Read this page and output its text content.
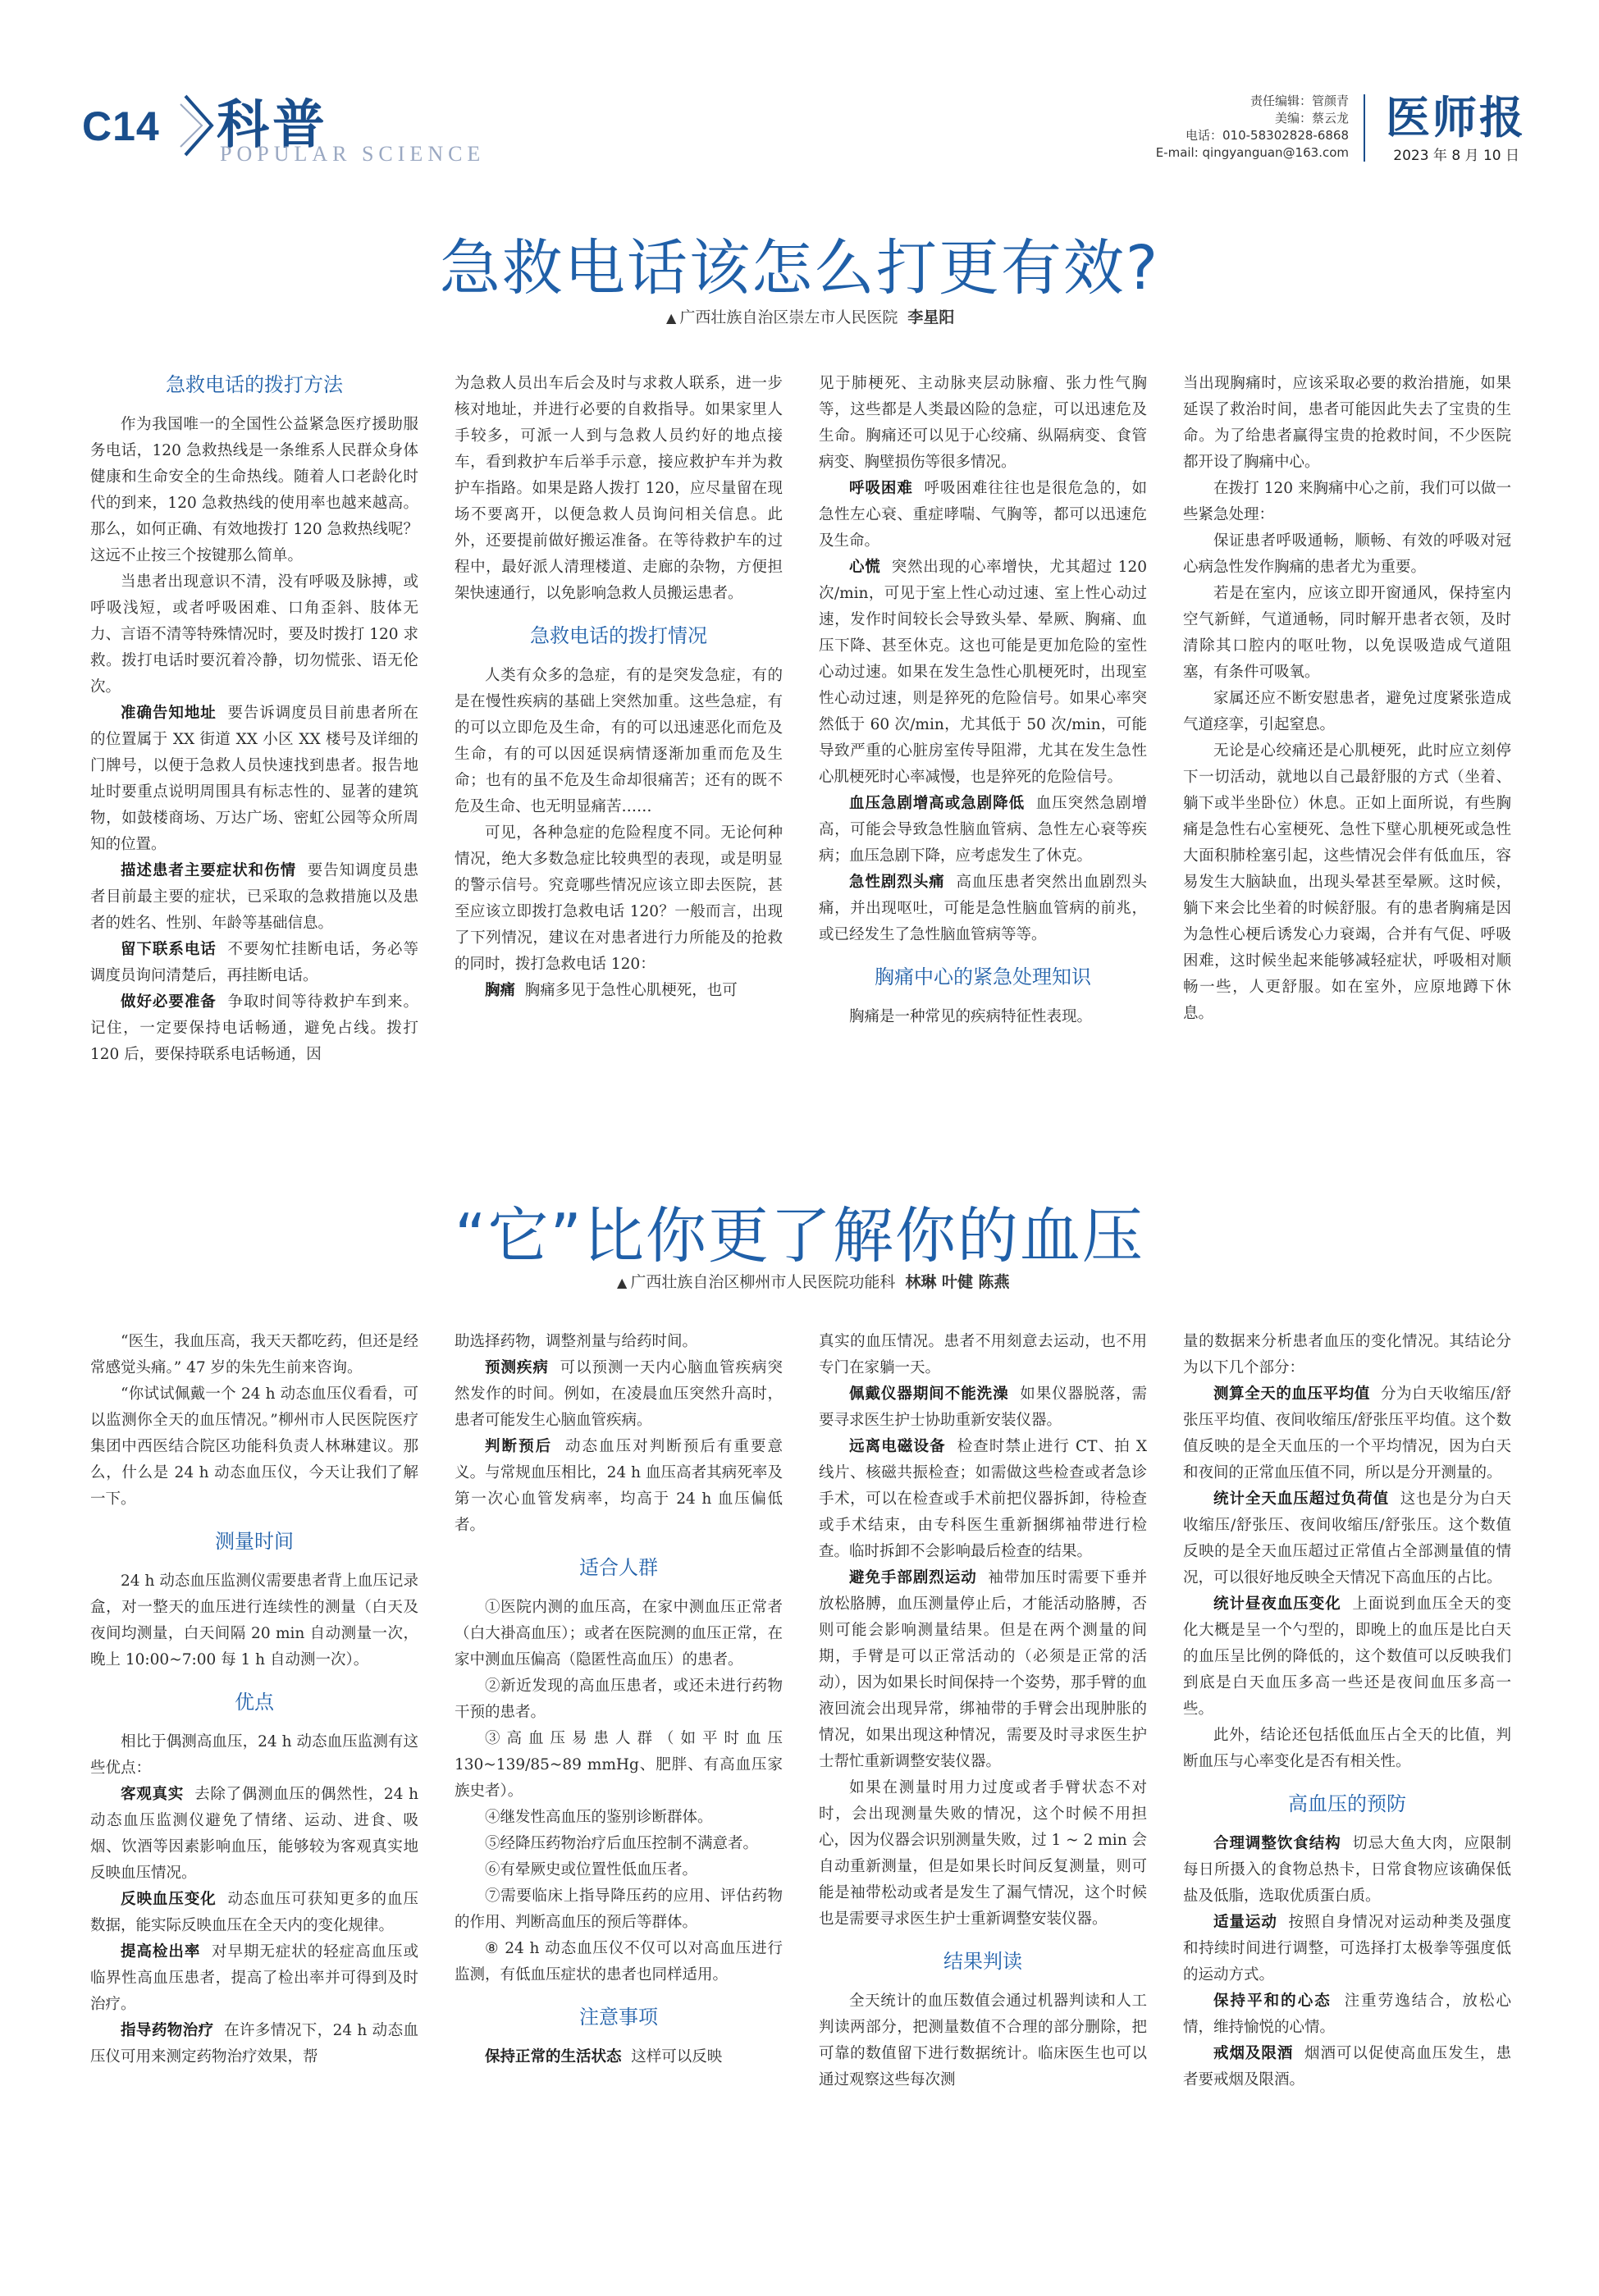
C14 科普
POPULAR SCIENCE
责任编辑：管颜青
美编：蔡云龙
电话：010-58302828-6868
E-mail: qingyanguan@163.com
医师报
2023 年 8 月 10 日
急救电话该怎么打更有效?
▲ 广西壮族自治区崇左市人民医院 李星阳
急救电话的拨打方法

作为我国唯一的全国性公益紧急医疗援助服务电话，120 急救热线是一条维系人民群众身体健康和生命安全的生命热线。随着人口老龄化时代的到来，120 急救热线的使用率也越来越高。那么，如何正确、有效地拨打 120 急救热线呢？这远不止按三个按键那么简单。

当患者出现意识不清，没有呼吸及脉搏，或呼吸浅短，或者呼吸困难、口角歪斜、肢体无力、言语不清等特殊情况时，要及时拨打 120 求救。拨打电话时要沉着冷静，切勿慌张、语无伦次。

准确告知地址 要告诉调度员目前患者所在的位置属于 XX 街道 XX 小区 XX 楼号及详细的门牌号，以便于急救人员快速找到患者。报告地址时要重点说明周围具有标志性的、显著的建筑物，如鼓楼商场、万达广场、密虹公园等众所周知的位置。

描述患者主要症状和伤情 要告知调度员患者目前最主要的症状，已采取的急救措施以及患者的姓名、性别、年龄等基础信息。

留下联系电话 不要匆忙挂断电话，务必等调度员询问清楚后，再挂断电话。

做好必要准备 争取时间等待救护车到来。记住，一定要保持电话畅通，避免占线。拨打 120 后，要保持联系电话畅通，因

为急救人员出车后会及时与求救人联系，进一步核对地址，并进行必要的自救指导。如果家里人手较多，可派一人到与急救人员约好的地点接车，看到救护车后举手示意，接应救护车并为救护车指路。如果是路人拨打 120，应尽量留在现场不要离开，以便急救人员询问相关信息。此外，还要提前做好搬运准备。在等待救护车的过程中，最好派人清理楼道、走廊的杂物，方便担架快速通行，以免影响急救人员搬运患者。

急救电话的拨打情况

人类有众多的急症，有的是突发急症，有的是在慢性疾病的基础上突然加重。这些急症，有的可以立即危及生命，有的可以迅速恶化而危及生命，有的可以因延误病情逐渐加重而危及生命；也有的虽不危及生命却很痛苦；还有的既不危及生命、也无明显痛苦……

可见，各种急症的危险程度不同。无论何种情况，绝大多数急症比较典型的表现，或是明显的警示信号。究竟哪些情况应该立即去医院，甚至应该立即拨打急救电话 120？一般而言，出现了下列情况，建议在对患者进行力所能及的抢救的同时，拨打急救电话 120：

胸痛 胸痛多见于急性心肌梗死，也可

见于肺梗死、主动脉夹层动脉瘤、张力性气胸等，这些都是人类最凶险的急症，可以迅速危及生命。胸痛还可以见于心绞痛、纵隔病变、食管病变、胸壁损伤等很多情况。

呼吸困难 呼吸困难往往也是很危急的，如急性左心衰、重症哮喘、气胸等，都可以迅速危及生命。

心慌 突然出现的心率增快，尤其超过 120 次/min，可见于室上性心动过速、室上性心动过速，发作时间较长会导致头晕、晕厥、胸痛、血压下降、甚至休克。这也可能是更加危险的室性心动过速。如果在发生急性心肌梗死时，出现室性心动过速，则是猝死的危险信号。如果心率突然低于 60 次/min，尤其低于 50 次/min，可能导致严重的心脏房室传导阻滞，尤其在发生急性心肌梗死时心率减慢，也是猝死的危险信号。

血压急剧增高或急剧降低 血压突然急剧增高，可能会导致急性脑血管病、急性左心衰等疾病；血压急剧下降，应考虑发生了休克。

急性剧烈头痛 高血压患者突然出血剧烈头痛，并出现呕吐，可能是急性脑血管病的前兆，或已经发生了急性脑血管病等等。

胸痛中心的紧急处理知识

胸痛是一种常见的疾病特征性表现。

当出现胸痛时，应该采取必要的救治措施，如果延误了救治时间，患者可能因此失去了宝贵的生命。为了给患者赢得宝贵的抢救时间，不少医院都开设了胸痛中心。

在拨打 120 来胸痛中心之前，我们可以做一些紧急处理：

保证患者呼吸通畅，顺畅、有效的呼吸对冠心病急性发作胸痛的患者尤为重要。

若是在室内，应该立即开窗通风，保持室内空气新鲜，气道通畅，同时解开患者衣领，及时清除其口腔内的呕吐物，以免误吸造成气道阻塞，有条件可吸氧。

家属还应不断安慰患者，避免过度紧张造成气道痉挛，引起窒息。

无论是心绞痛还是心肌梗死，此时应立刻停下一切活动，就地以自己最舒服的方式（坐着、躺下或半坐卧位）休息。正如上面所说，有些胸痛是急性右心室梗死、急性下壁心肌梗死或急性大面积肺栓塞引起，这些情况会伴有低血压，容易发生大脑缺血，出现头晕甚至晕厥。这时候，躺下来会比坐着的时候舒服。有的患者胸痛是因为急性心梗后诱发心力衰竭，合并有气促、呼吸困难，这时候坐起来能够减轻症状，呼吸相对顺畅一些，人更舒服。如在室外，应原地蹲下休息。

“它”比你更了解你的血压
▲ 广西壮族自治区柳州市人民医院功能科 林琳 叶健 陈燕

“医生，我血压高，我天天都吃药，但还是经常感觉头痛。” 47 岁的朱先生前来咨询。

“你试试佩戴一个 24 h 动态血压仪看看，可以监测你全天的血压情况。”柳州市人民医院医疗集团中西医结合院区功能科负责人林琳建议。那么，什么是 24 h 动态血压仪，今天让我们了解一下。

测量时间

24 h 动态血压监测仪需要患者背上血压记录盒，对一整天的血压进行连续性的测量（白天及夜间均测量，白天间隔 20 min 自动测量一次，晚上 10:00~7:00 每 1 h 自动测一次）。

优点

相比于偶测高血压，24 h 动态血压监测有这些优点：

客观真实 去除了偶测血压的偶然性，24 h 动态血压监测仪避免了情绪、运动、进食、吸烟、饮酒等因素影响血压，能够较为客观真实地反映血压情况。

反映血压变化 动态血压可获知更多的血压数据，能实际反映血压在全天内的变化规律。

提高检出率 对早期无症状的轻症高血压或临界性高血压患者，提高了检出率并可得到及时治疗。

指导药物治疗 在许多情况下，24 h 动态血压仪可用来测定药物治疗效果，帮

助选择药物，调整剂量与给药时间。

预测疾病 可以预测一天内心脑血管疾病突然发作的时间。例如，在凌晨血压突然升高时，患者可能发生心脑血管疾病。

判断预后 动态血压对判断预后有重要意义。与常规血压相比，24 h 血压高者其病死率及第一次心血管发病率，均高于 24 h 血压偏低者。

适合人群

①医院内测的血压高，在家中测血压正常者（白大褂高血压）；或者在医院测的血压正常，在家中测血压偏高（隐匿性高血压）的患者。

②新近发现的高血压患者，或还未进行药物干预的患者。

③高血压易患人群（如平时血压 130~139/85~89 mmHg、肥胖、有高血压家族史者）。

④继发性高血压的鉴别诊断群体。

⑤经降压药物治疗后血压控制不满意者。

⑥有晕厥史或位置性低血压者。

⑦需要临床上指导降压药的应用、评估药物的作用、判断高血压的预后等群体。

⑧ 24 h 动态血压仪不仅可以对高血压进行监测，有低血压症状的患者也同样适用。

注意事项

保持正常的生活状态 这样可以反映

真实的血压情况。患者不用刻意去运动，也不用专门在家躺一天。

佩戴仪器期间不能洗澡 如果仪器脱落，需要寻求医生护士协助重新安装仪器。

远离电磁设备 检查时禁止进行 CT、拍 X 线片、核磁共振检查；如需做这些检查或者急诊手术，可以在检查或手术前把仪器拆卸，待检查或手术结束，由专科医生重新捆绑袖带进行检查。临时拆卸不会影响最后检查的结果。

避免手部剧烈运动 袖带加压时需要下垂并放松胳膊，血压测量停止后，才能活动胳膊，否则可能会影响测量结果。但是在两个测量的间期，手臂是可以正常活动的（必须是正常的活动），因为如果长时间保持一个姿势，那手臂的血液回流会出现异常，绑袖带的手臂会出现肿胀的情况，如果出现这种情况，需要及时寻求医生护士帮忙重新调整安装仪器。

如果在测量时用力过度或者手臂状态不对时，会出现测量失败的情况，这个时候不用担心，因为仪器会识别测量失败，过 1 ~ 2 min 会自动重新测量，但是如果长时间反复测量，则可能是袖带松动或者是发生了漏气情况，这个时候也是需要寻求医生护士重新调整安装仪器。

结果判读

全天统计的血压数值会通过机器判读和人工判读两部分，把测量数值不合理的部分删除，把可靠的数值留下进行数据统计。临床医生也可以通过观察这些每次测

量的数据来分析患者血压的变化情况。其结论分为以下几个部分：

测算全天的血压平均值 分为白天收缩压/舒张压平均值、夜间收缩压/舒张压平均值。这个数值反映的是全天血压的一个平均情况，因为白天和夜间的正常血压值不同，所以是分开测量的。

统计全天血压超过负荷值 这也是分为白天收缩压/舒张压、夜间收缩压/舒张压。这个数值反映的是全天血压超过正常值占全部测量值的情况，可以很好地反映全天情况下高血压的占比。

统计昼夜血压变化 上面说到血压全天的变化大概是呈一个勺型的，即晚上的血压是比白天的血压呈比例的降低的，这个数值可以反映我们到底是白天血压多高一些还是夜间血压多高一些。

此外，结论还包括低血压占全天的比值，判断血压与心率变化是否有相关性。

高血压的预防

合理调整饮食结构 切忌大鱼大肉，应限制每日所摄入的食物总热卡，日常食物应该确保低盐及低脂，选取优质蛋白质。

适量运动 按照自身情况对运动种类及强度和持续时间进行调整，可选择打太极拳等强度低的运动方式。

保持平和的心态 注重劳逸结合，放松心情，维持愉悦的心情。

戒烟及限酒 烟酒可以促使高血压发生，患者要戒烟及限酒。
